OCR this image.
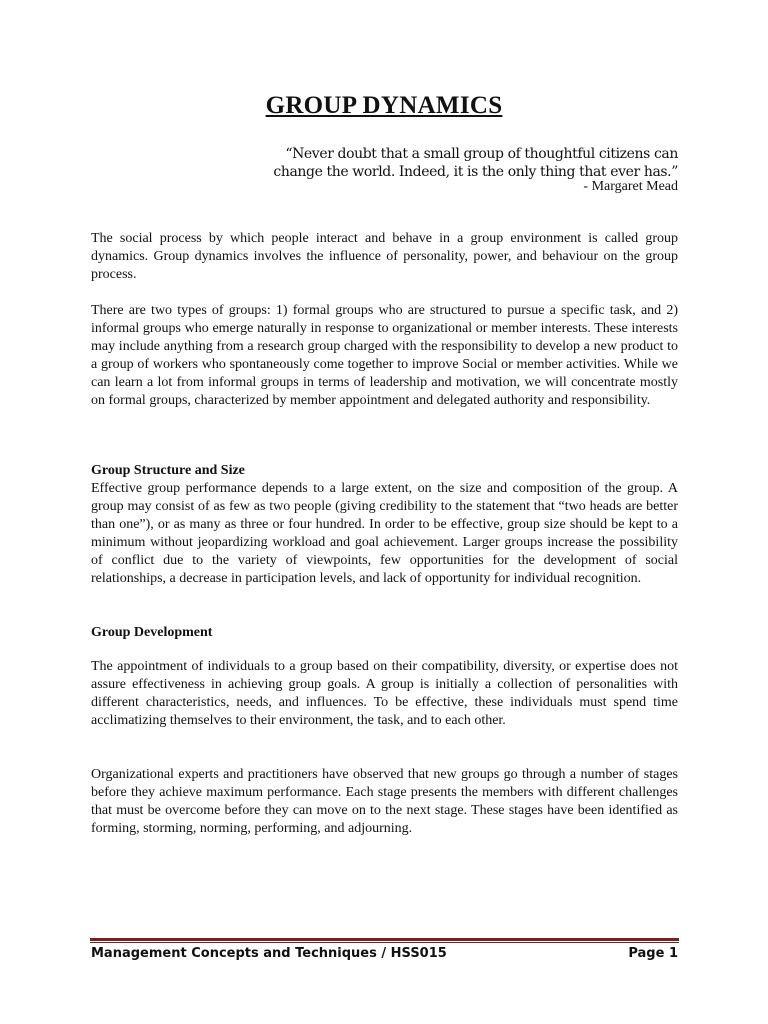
GROUP DYNAMICS
“Never doubt that a small group of thoughtful citizens can
change the world. Indeed, it is the only thing that ever has.”
- Margaret Mead

The social process by which people interact and behave in a group environment is called group dynamics. Group dynamics involves the influence of personality, power, and behaviour on the group process.

There are two types of groups: 1) formal groups who are structured to pursue a specific task, and 2) informal groups who emerge naturally in response to organizational or member interests. These interests may include anything from a research group charged with the responsibility to develop a new product to a group of workers who spontaneously come together to improve Social or member activities. While we can learn a lot from informal groups in terms of leadership and motivation, we will concentrate mostly on formal groups, characterized by member appointment and delegated authority and responsibility.

Group Structure and Size

Effective group performance depends to a large extent, on the size and composition of the group. A group may consist of as few as two people (giving credibility to the statement that “two heads are better than one”), or as many as three or four hundred. In order to be effective, group size should be kept to a minimum without jeopardizing workload and goal achievement. Larger groups increase the possibility of conflict due to the variety of viewpoints, few opportunities for the development of social relationships, a decrease in participation levels, and lack of opportunity for individual recognition.

Group Development

The appointment of individuals to a group based on their compatibility, diversity, or expertise does not assure effectiveness in achieving group goals. A group is initially a collection of personalities with different characteristics, needs, and influences. To be effective, these individuals must spend time acclimatizing themselves to their environment, the task, and to each other.

Organizational experts and practitioners have observed that new groups go through a number of stages before they achieve maximum performance. Each stage presents the members with different challenges that must be overcome before they can move on to the next stage. These stages have been identified as forming, storming, norming, performing, and adjourning.

Management Concepts and Techniques / HSS015	Page 1
